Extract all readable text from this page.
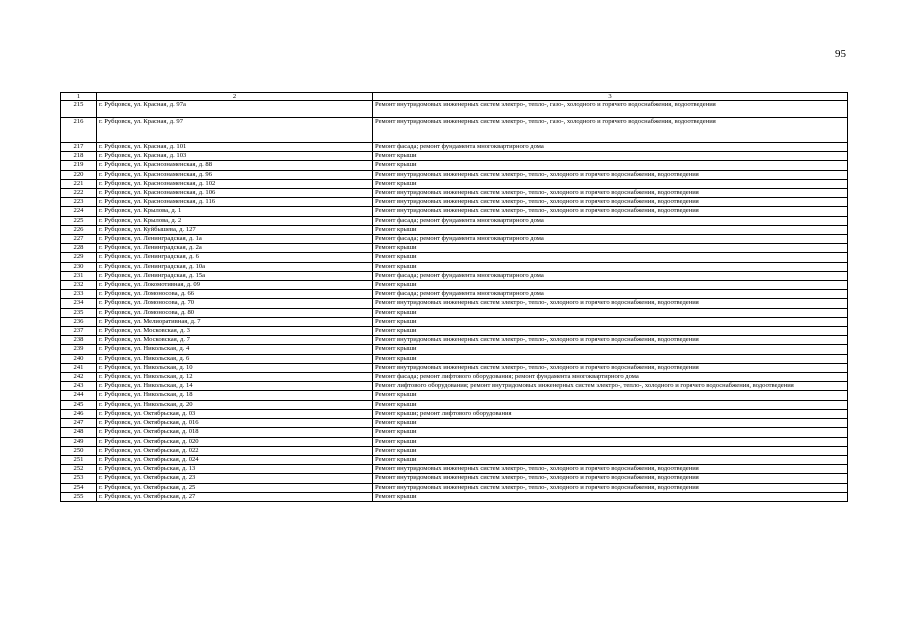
95
1	2	3
215	г. Рубцовск, ул. Красная, д. 97а	Ремонт внутридомовых инженерных систем электро-, тепло-, газо-, холодного и горячего водоснабжения, водоотведения
216	г. Рубцовск, ул. Красная, д. 97	Ремонт внутридомовых инженерных систем электро-, тепло-, газо-, холодного и горячего водоснабжения, водоотведения
217	г. Рубцовск, ул. Красная, д. 101	Ремонт фасада; ремонт фундамента многоквартирного дома
218	г. Рубцовск, ул. Красная, д. 103	Ремонт крыши
219	г. Рубцовск, ул. Краснознаменская, д. 88	Ремонт крыши
220	г. Рубцовск, ул. Краснознаменская, д. 96	Ремонт внутридомовых инженерных систем электро-, тепло-, холодного и горячего водоснабжения, водоотведения
221	г. Рубцовск, ул. Краснознаменская, д. 102	Ремонт крыши
222	г. Рубцовск, ул. Краснознаменская, д. 106	Ремонт внутридомовых инженерных систем электро-, тепло-, холодного и горячего водоснабжения, водоотведения
223	г. Рубцовск, ул. Краснознаменская, д. 116	Ремонт внутридомовых инженерных систем электро-, тепло-, холодного и горячего водоснабжения, водоотведения
224	г. Рубцовск, ул. Крылова, д. 1	Ремонт внутридомовых инженерных систем электро-, тепло-, холодного и горячего водоснабжения, водоотведения
225	г. Рубцовск, ул. Крылова, д. 2	Ремонт фасада; ремонт фундамента многоквартирного дома
226	г. Рубцовск, ул. Куйбышева, д. 127	Ремонт крыши
227	г. Рубцовск, ул. Ленинградская, д. 1а	Ремонт фасада; ремонт фундамента многоквартирного дома
228	г. Рубцовск, ул. Ленинградская, д. 2а	Ремонт крыши
229	г. Рубцовск, ул. Ленинградская, д. 6	Ремонт крыши
230	г. Рубцовск, ул. Ленинградская, д. 10а	Ремонт крыши
231	г. Рубцовск, ул. Ленинградская, д. 15а	Ремонт фасада; ремонт фундамента многоквартирного дома
232	г. Рубцовск, ул. Локомотивная, д. 09	Ремонт крыши
233	г. Рубцовск, ул. Ломоносова, д. 66	Ремонт фасада; ремонт фундамента многоквартирного дома
234	г. Рубцовск, ул. Ломоносова, д. 70	Ремонт внутридомовых инженерных систем электро-, тепло-, холодного и горячего водоснабжения, водоотведения
235	г. Рубцовск, ул. Ломоносова, д. 80	Ремонт крыши
236	г. Рубцовск, ул. Мелиоративная, д. 7	Ремонт крыши
237	г. Рубцовск, ул. Московская, д. 3	Ремонт крыши
238	г. Рубцовск, ул. Московская, д. 7	Ремонт внутридомовых инженерных систем электро-, тепло-, холодного и горячего водоснабжения, водоотведения
239	г. Рубцовск, ул. Никольская, д. 4	Ремонт крыши
240	г. Рубцовск, ул. Никольская, д. 6	Ремонт крыши
241	г. Рубцовск, ул. Никольская, д. 10	Ремонт внутридомовых инженерных систем электро-, тепло-, холодного и горячего водоснабжения, водоотведения
242	г. Рубцовск, ул. Никольская, д. 12	Ремонт фасада; ремонт лифтового оборудования; ремонт фундамента многоквартирного дома
243	г. Рубцовск, ул. Никольская, д. 14	Ремонт лифтового оборудования; ремонт внутридомовых инженерных систем электро-, тепло-, холодного и горячего водоснабжения, водоотведения
244	г. Рубцовск, ул. Никольская, д. 18	Ремонт крыши
245	г. Рубцовск, ул. Никольская, д. 20	Ремонт крыши
246	г. Рубцовск, ул. Октябрьская, д. 03	Ремонт крыши; ремонт лифтового оборудования
247	г. Рубцовск, ул. Октябрьская, д. 016	Ремонт крыши
248	г. Рубцовск, ул. Октябрьская, д. 018	Ремонт крыши
249	г. Рубцовск, ул. Октябрьская, д. 020	Ремонт крыши
250	г. Рубцовск, ул. Октябрьская, д. 022	Ремонт крыши
251	г. Рубцовск, ул. Октябрьская, д. 024	Ремонт крыши
252	г. Рубцовск, ул. Октябрьская, д. 13	Ремонт внутридомовых инженерных систем электро-, тепло-, холодного и горячего водоснабжения, водоотведения
253	г. Рубцовск, ул. Октябрьская, д. 23	Ремонт внутридомовых инженерных систем электро-, тепло-, холодного и горячего водоснабжения, водоотведения
254	г. Рубцовск, ул. Октябрьская, д. 25	Ремонт внутридомовых инженерных систем электро-, тепло-, холодного и горячего водоснабжения, водоотведения
255	г. Рубцовск, ул. Октябрьская, д. 27	Ремонт крыши
